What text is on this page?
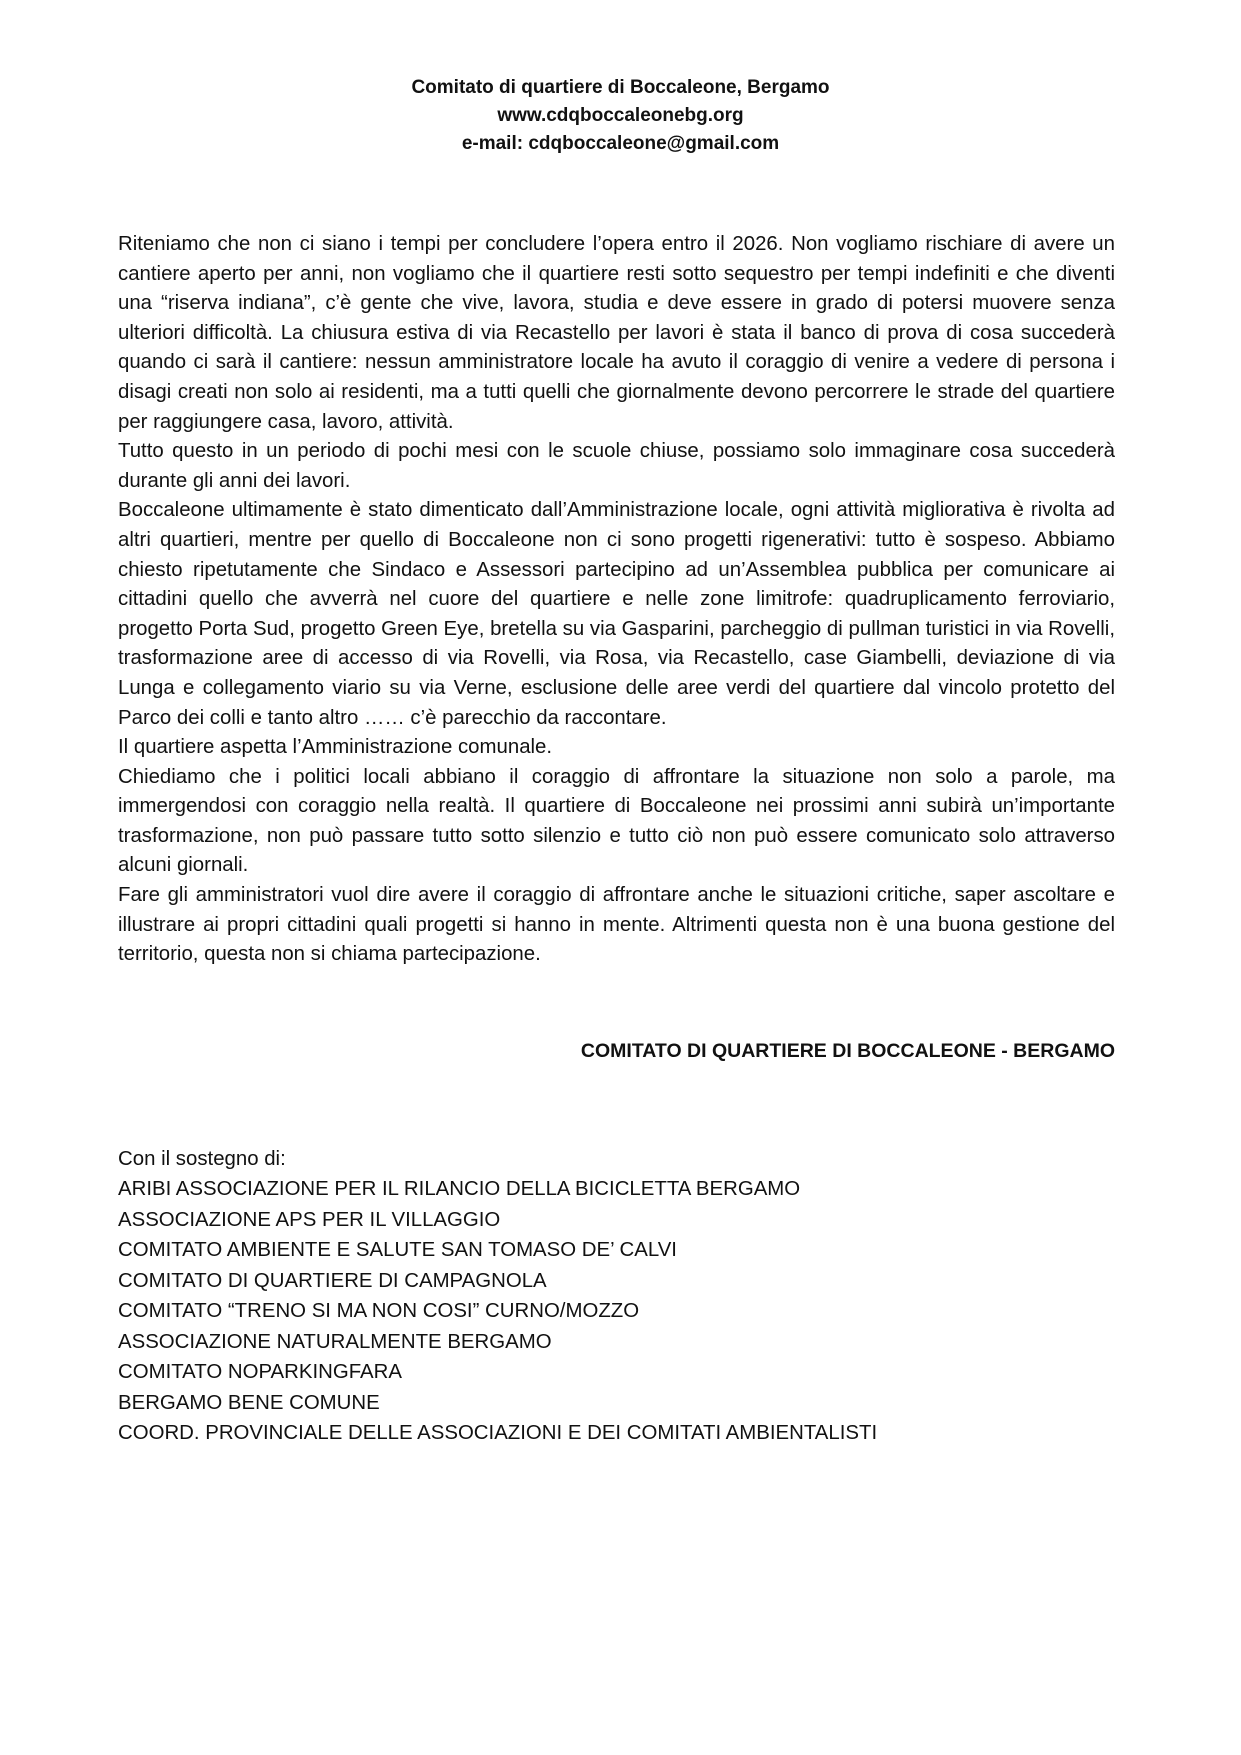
Comitato di quartiere di Boccaleone, Bergamo
www.cdqboccaleonebg.org
e-mail: cdqboccaleone@gmail.com

Riteniamo che non ci siano i tempi per concludere l’opera entro il 2026. Non vogliamo rischiare di avere un cantiere aperto per anni, non vogliamo che il quartiere resti sotto sequestro per tempi indefiniti e che diventi una “riserva indiana”, c’è gente che vive, lavora, studia e deve essere in grado di potersi muovere senza ulteriori difficoltà. La chiusura estiva di via Recastello per lavori è stata il banco di prova di cosa succederà quando ci sarà il cantiere: nessun amministratore locale ha avuto il coraggio di venire a vedere di persona i disagi creati non solo ai residenti, ma a tutti quelli che giornalmente devono percorrere le strade del quartiere per raggiungere casa, lavoro, attività.

Tutto questo in un periodo di pochi mesi con le scuole chiuse, possiamo solo immaginare cosa succederà durante gli anni dei lavori.

Boccaleone ultimamente è stato dimenticato dall’Amministrazione locale, ogni attività migliorativa è rivolta ad altri quartieri, mentre per quello di Boccaleone non ci sono progetti rigenerativi: tutto è sospeso. Abbiamo chiesto ripetutamente che Sindaco e Assessori partecipino ad un’Assemblea pubblica per comunicare ai cittadini quello che avverrà nel cuore del quartiere e nelle zone limitrofe: quadruplicamento ferroviario, progetto Porta Sud, progetto Green Eye, bretella su via Gasparini, parcheggio di pullman turistici in via Rovelli, trasformazione aree di accesso di via Rovelli, via Rosa, via Recastello, case Giambelli, deviazione di via Lunga e collegamento viario su via Verne, esclusione delle aree verdi del quartiere dal vincolo protetto del Parco dei colli e tanto altro …… c’è parecchio da raccontare.

Il quartiere aspetta l’Amministrazione comunale.

Chiediamo che i politici locali abbiano il coraggio di affrontare la situazione non solo a parole, ma immergendosi con coraggio nella realtà. Il quartiere di Boccaleone nei prossimi anni subirà un’importante trasformazione, non può passare tutto sotto silenzio e tutto ciò non può essere comunicato solo attraverso alcuni giornali.

Fare gli amministratori vuol dire avere il coraggio di affrontare anche le situazioni critiche, saper ascoltare e illustrare ai propri cittadini quali progetti si hanno in mente. Altrimenti questa non è una buona gestione del territorio, questa non si chiama partecipazione.

COMITATO DI QUARTIERE DI BOCCALEONE - BERGAMO
Con il sostegno di:
ARIBI ASSOCIAZIONE PER IL RILANCIO DELLA BICICLETTA BERGAMO
ASSOCIAZIONE APS PER IL VILLAGGIO
COMITATO AMBIENTE E SALUTE SAN TOMASO DE’ CALVI
COMITATO DI QUARTIERE DI CAMPAGNOLA
COMITATO “TRENO SI MA NON COSI” CURNO/MOZZO
ASSOCIAZIONE NATURALMENTE BERGAMO
COMITATO NOPARKINGFARA
BERGAMO BENE COMUNE
COORD. PROVINCIALE DELLE ASSOCIAZIONI E DEI COMITATI AMBIENTALISTI
